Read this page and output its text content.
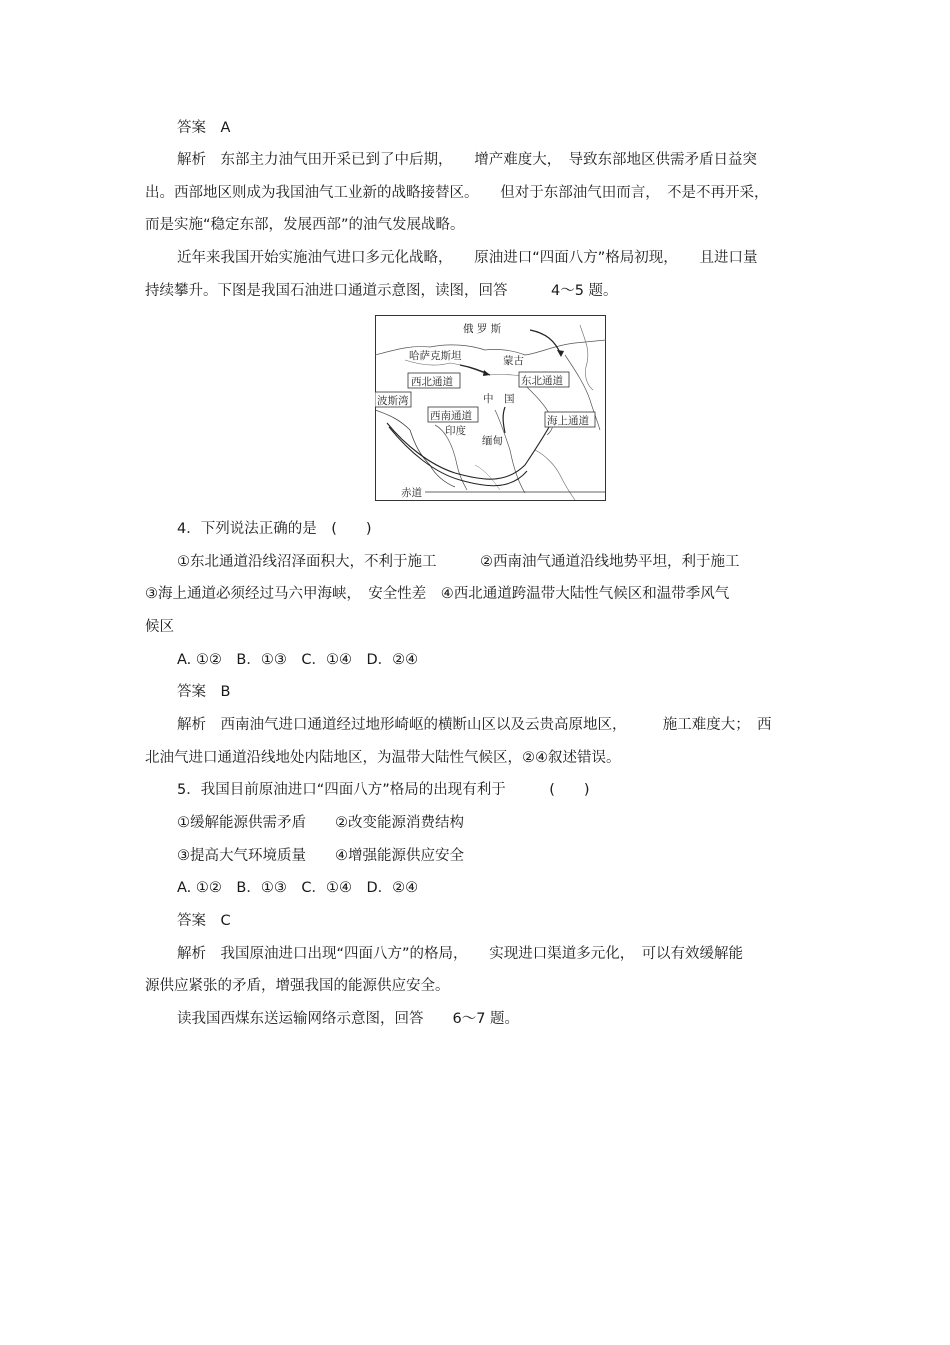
答案　A
解析　东部主力油气田开采已到了中后期，　　增产难度大，　导致东部地区供需矛盾日益突
出。西部地区则成为我国油气工业新的战略接替区。　　但对于东部油气田而言，　不是不再开采，
而是实施“稳定东部，发展西部”的油气发展战略。
近年来我国开始实施油气进口多元化战略，　　原油进口“四面八方”格局初现，　　且进口量
持续攀升。下图是我国石油进口通道示意图，读图，回答　　　4～5 题。
俄 罗 斯
哈萨克斯坦	蒙古
西北通道	东北通道
波斯湾	中　国
西南通道
印度
缅甸
海上通道
赤道
4．下列说法正确的是　(　　)
①东北通道沿线沼泽面积大，不利于施工　　　②西南油气通道沿线地势平坦，利于施工
③海上通道必须经过马六甲海峡，　安全性差　④西北通道跨温带大陆性气候区和温带季风气
候区
A. ①②　B．①③　C．①④　D．②④
答案　B
解析　西南油气进口通道经过地形崎岖的横断山区以及云贵高原地区，　　　施工难度大；　西
北油气进口通道沿线地处内陆地区，为温带大陆性气候区，②④叙述错误。
5．我国目前原油进口“四面八方”格局的出现有利于　　　(　　)
①缓解能源供需矛盾　　②改变能源消费结构
③提高大气环境质量　　④增强能源供应安全
A. ①②　B．①③　C．①④　D．②④
答案　C
解析　我国原油进口出现“四面八方”的格局，　　实现进口渠道多元化，　可以有效缓解能
源供应紧张的矛盾，增强我国的能源供应安全。
读我国西煤东送运输网络示意图，回答　　6～7 题。
